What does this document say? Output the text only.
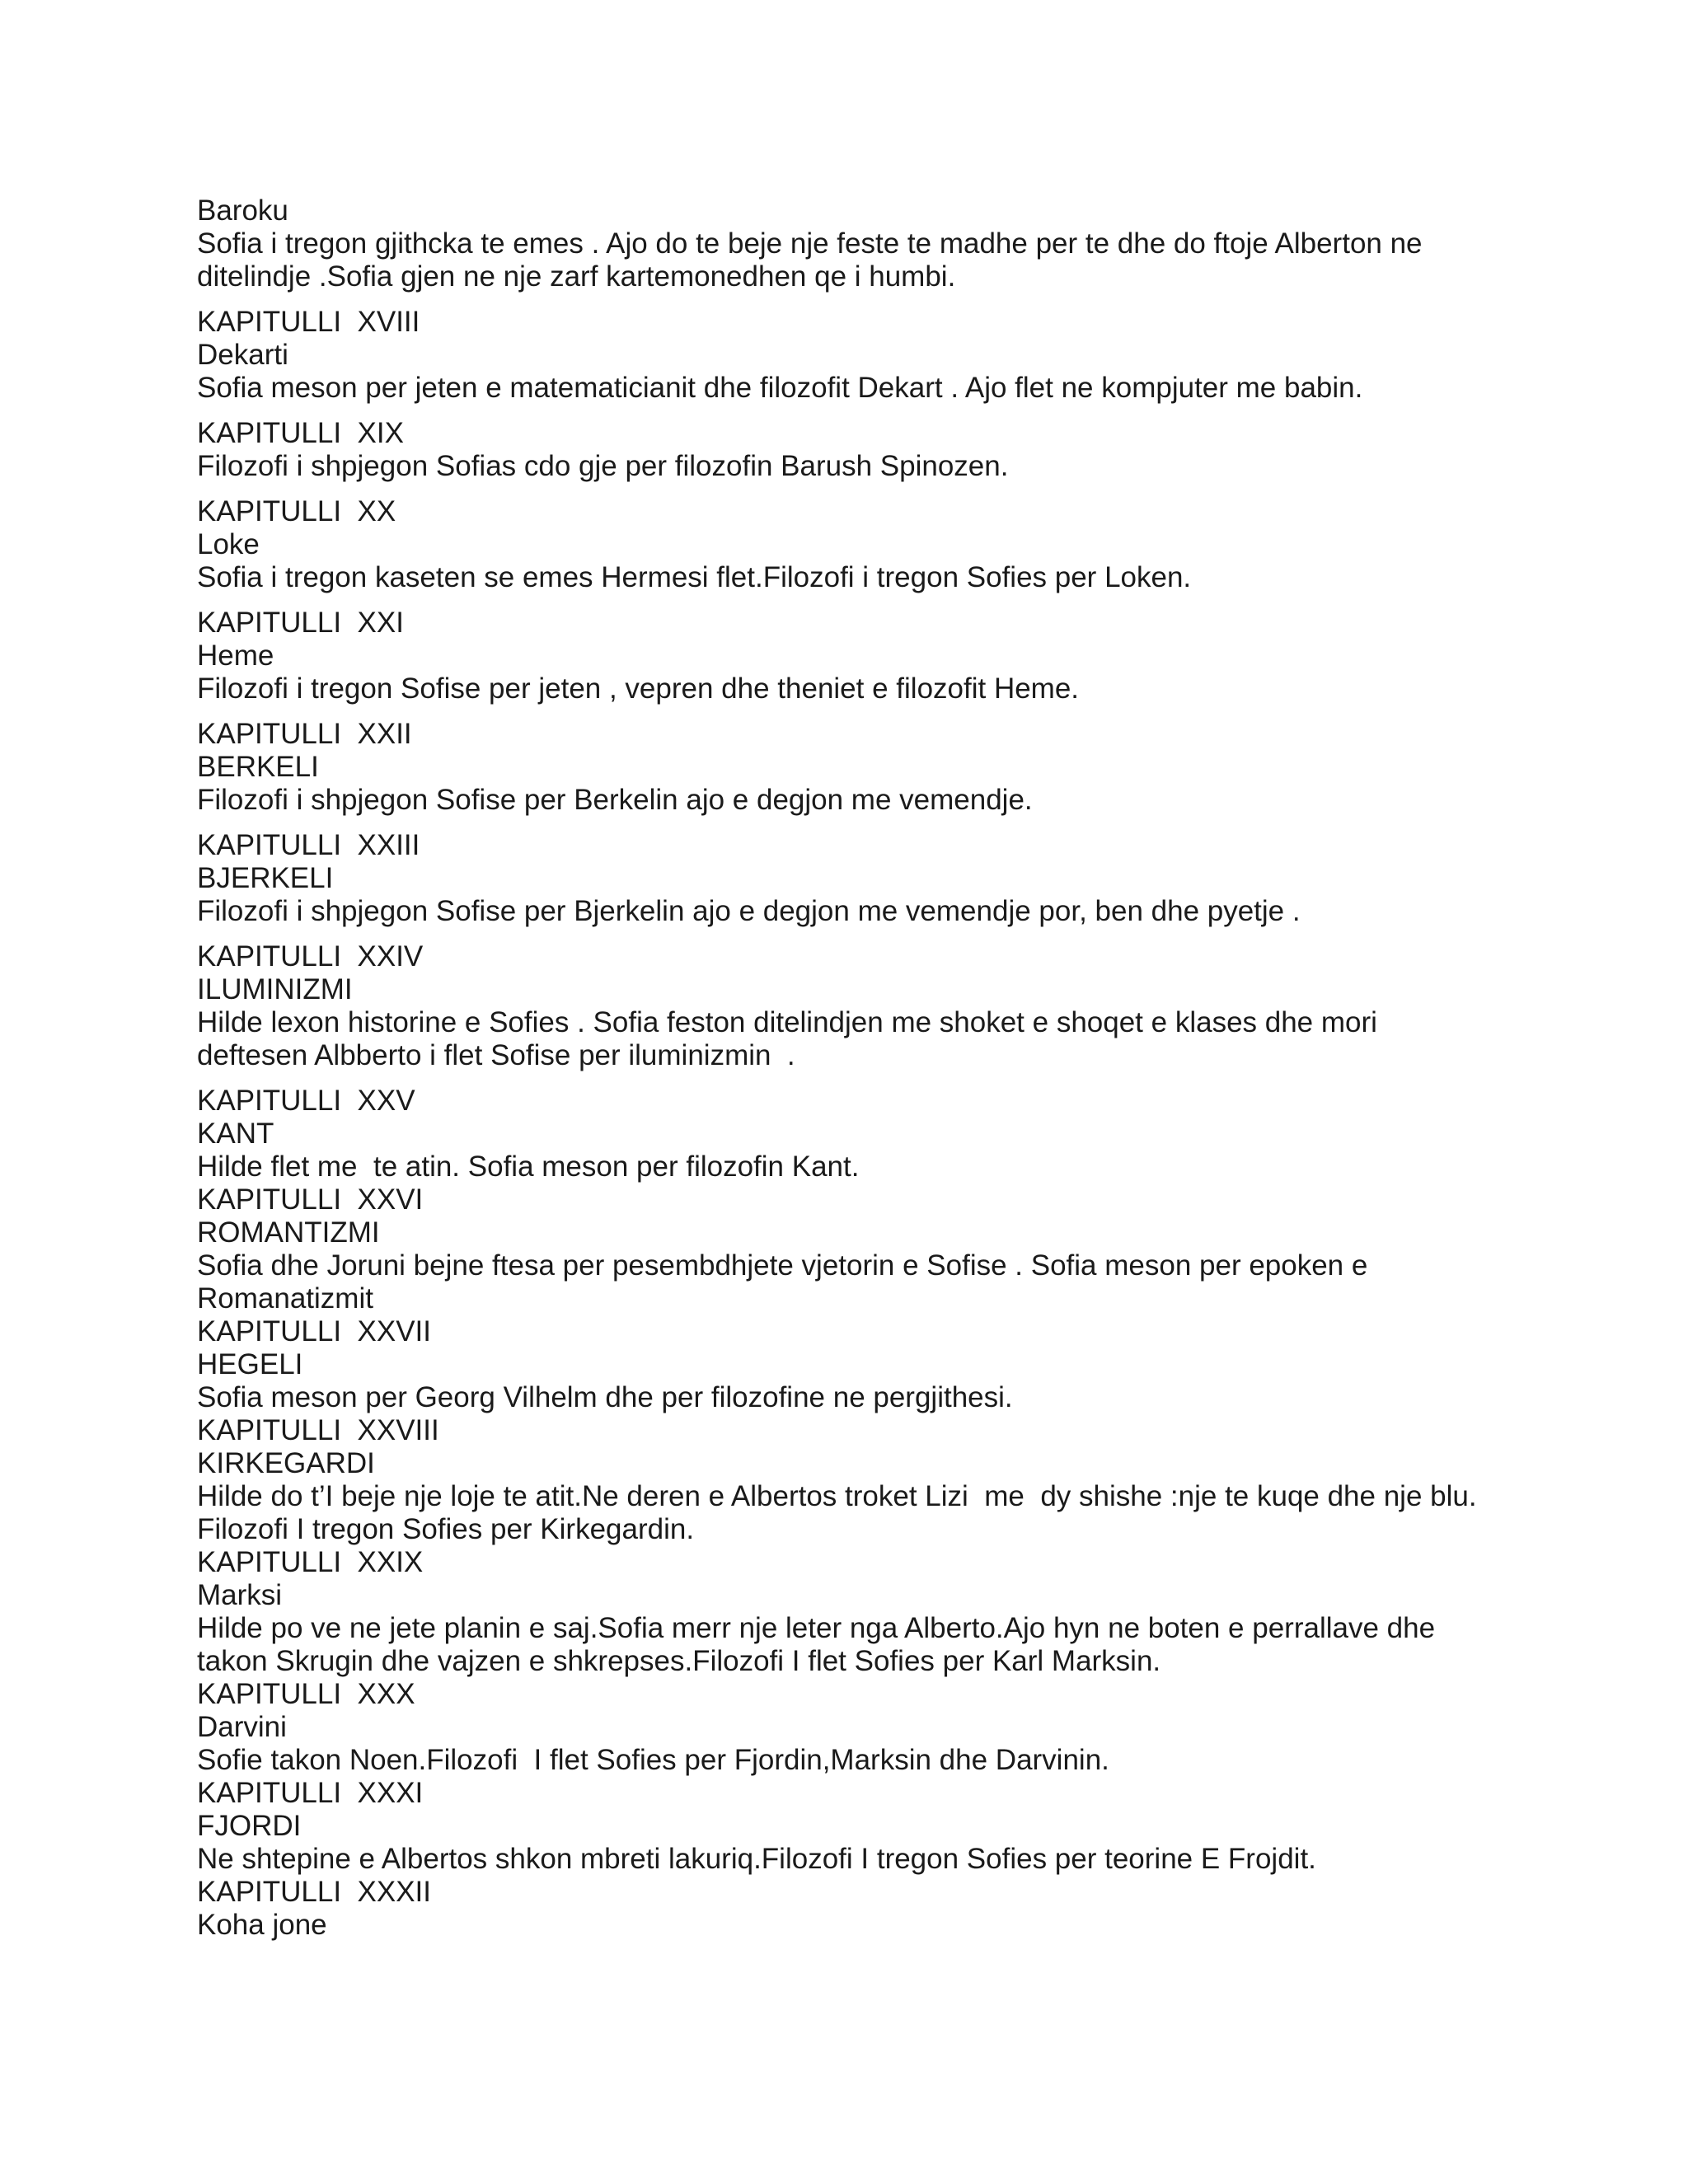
Baroku
Sofia i tregon gjithcka te emes . Ajo do te beje nje feste te madhe per te dhe do ftoje Alberton ne
ditelindje .Sofia gjen ne nje zarf kartemonedhen qe i humbi.
KAPITULLI  XVIII
Dekarti
Sofia meson per jeten e matematicianit dhe filozofit Dekart . Ajo flet ne kompjuter me babin.
KAPITULLI  XIX
Filozofi i shpjegon Sofias cdo gje per filozofin Barush Spinozen.
KAPITULLI  XX
Loke
Sofia i tregon kaseten se emes Hermesi flet.Filozofi i tregon Sofies per Loken.
KAPITULLI  XXI
Heme
Filozofi i tregon Sofise per jeten , vepren dhe theniet e filozofit Heme.
KAPITULLI  XXII
BERKELI
Filozofi i shpjegon Sofise per Berkelin ajo e degjon me vemendje.
KAPITULLI  XXIII
BJERKELI
Filozofi i shpjegon Sofise per Bjerkelin ajo e degjon me vemendje por, ben dhe pyetje .
KAPITULLI  XXIV
ILUMINIZMI
Hilde lexon historine e Sofies . Sofia feston ditelindjen me shoket e shoqet e klases dhe mori
deftesen Albberto i flet Sofise per iluminizmin  .
KAPITULLI  XXV
KANT
Hilde flet me  te atin. Sofia meson per filozofin Kant.
KAPITULLI  XXVI
ROMANTIZMI
Sofia dhe Joruni bejne ftesa per pesembdhjete vjetorin e Sofise . Sofia meson per epoken e
Romanatizmit
KAPITULLI  XXVII
HEGELI
Sofia meson per Georg Vilhelm dhe per filozofine ne pergjithesi.
KAPITULLI  XXVIII
KIRKEGARDI
Hilde do t’I beje nje loje te atit.Ne deren e Albertos troket Lizi  me  dy shishe :nje te kuqe dhe nje blu.
Filozofi I tregon Sofies per Kirkegardin.
KAPITULLI  XXIX
Marksi
Hilde po ve ne jete planin e saj.Sofia merr nje leter nga Alberto.Ajo hyn ne boten e perrallave dhe
takon Skrugin dhe vajzen e shkrepses.Filozofi I flet Sofies per Karl Marksin.
KAPITULLI  XXX
Darvini
Sofie takon Noen.Filozofi  I flet Sofies per Fjordin,Marksin dhe Darvinin.
KAPITULLI  XXXI
FJORDI
Ne shtepine e Albertos shkon mbreti lakuriq.Filozofi I tregon Sofies per teorine E Frojdit.
KAPITULLI  XXXII
Koha jone
